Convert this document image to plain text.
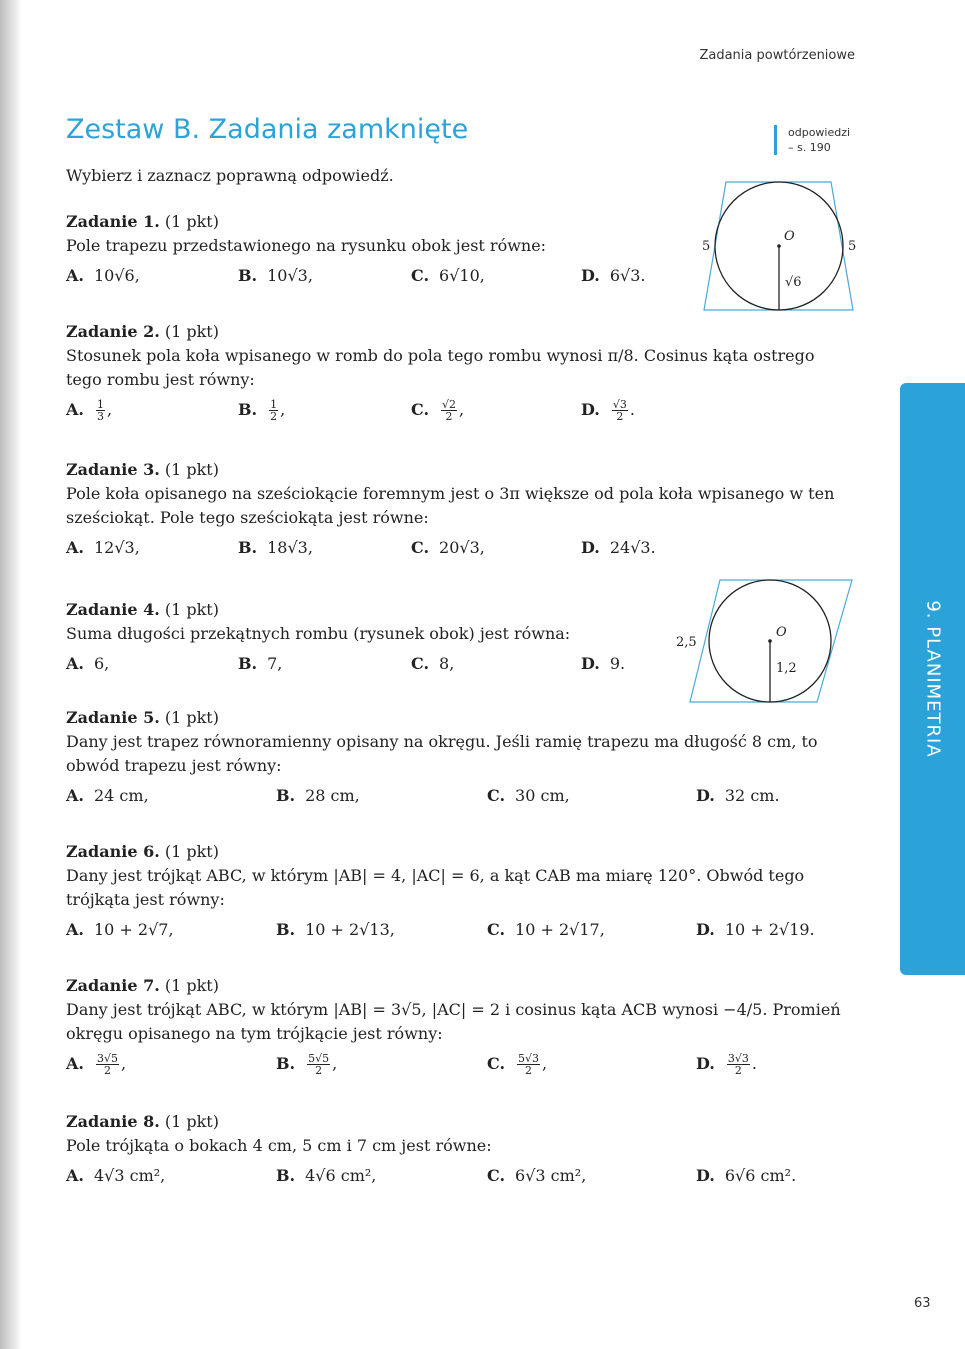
Zadania powtórzeniowe
Zestaw B. Zadania zamknięte	odpowiedzi
– s. 190
Wybierz i zaznacz poprawną odpowiedź.
Zadanie 1. (1 pkt)

Pole trapezu przedstawionego na rysunku obok jest równe:

A. 10√6,	B. 10√3,	C. 6√10,	D. 6√3.
5	5
O
√6
Zadanie 2. (1 pkt)

Stosunek pola koła wpisanego w romb do pola tego rombu wynosi π/8. Cosinus kąta ostrego

tego rombu jest równy:

A. $\frac{1}{3}$ ,	B. $\frac{1}{2}$ ,	C. $\frac{√2}{2}$ ,	D. $\frac{√3}{2}$ .
Zadanie 3. (1 pkt)

Pole koła opisanego na sześciokącie foremnym jest o 3π większe od pola koła wpisanego w ten

sześciokąt. Pole tego sześciokąta jest równe:

A. 12√3,	B. 18√3,	C. 20√3,	D. 24√3.
Zadanie 4. (1 pkt)

Suma długości przekątnych rombu (rysunek obok) jest równa:

A. 6,	B. 7,	C. 8,	D. 9.
2,5
O
1,2
Zadanie 5. (1 pkt)

Dany jest trapez równoramienny opisany na okręgu. Jeśli ramię trapezu ma długość 8 cm, to

obwód trapezu jest równy:

A. 24 cm,	B. 28 cm,	C. 30 cm,	D. 32 cm.
Zadanie 6. (1 pkt)

Dany jest trójkąt ABC, w którym |AB| = 4, |AC| = 6, a kąt CAB ma miarę 120°. Obwód tego

trójkąta jest równy:

A. 10 + 2√7,	B. 10 + 2√13,	C. 10 + 2√17,	D. 10 + 2√19.
Zadanie 7. (1 pkt)

Dany jest trójkąt ABC, w którym |AB| = 3√5, |AC| = 2 i cosinus kąta ACB wynosi −4/5. Promień

okręgu opisanego na tym trójkącie jest równy:

A. $\frac{3√5}{2}$ ,	B. $\frac{5√5}{2}$ ,	C. $\frac{5√3}{2}$ ,	D. $\frac{3√3}{2}$ .
Zadanie 8. (1 pkt)

Pole trójkąta o bokach 4 cm, 5 cm i 7 cm jest równe:

A. 4√3 cm²,	B. 4√6 cm²,	C. 6√3 cm²,	D. 6√6 cm².
9. PLANIMETRIA
63
